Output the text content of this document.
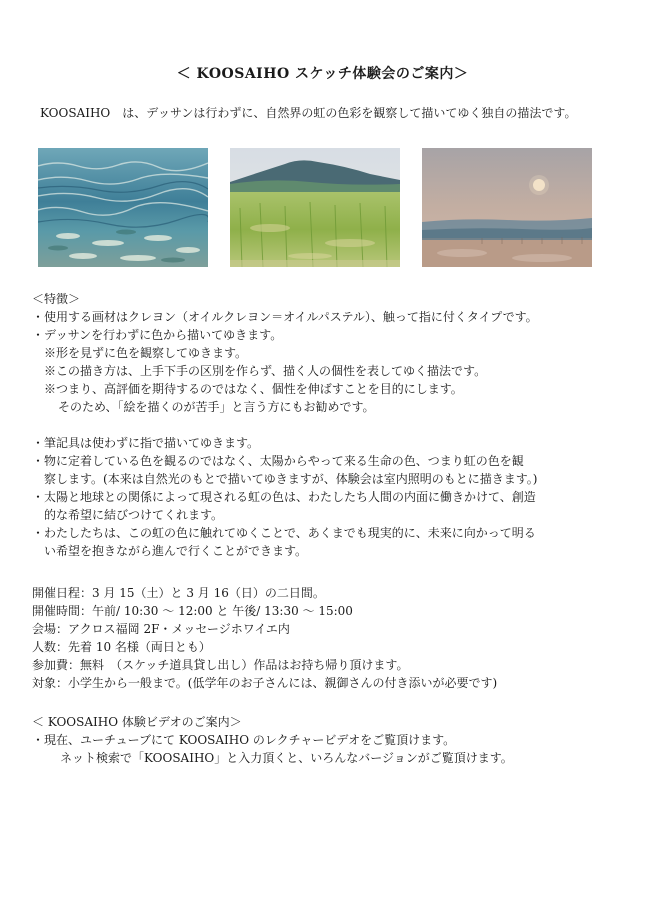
＜ KOOSAIHO スケッチ体験会のご案内＞
KOOSAIHO　は、デッサンは行わずに、自然界の虹の色彩を観察して描いてゆく独自の描法です。
＜特徴＞
・使用する画材はクレヨン（オイルクレヨン＝オイルパステル）、触って指に付くタイプです。
・デッサンを行わずに色から描いてゆきます。
※形を見ずに色を観察してゆきます。
※この描き方は、上手下手の区別を作らず、描く人の個性を表してゆく描法です。
※つまり、高評価を期待するのではなく、個性を伸ばすことを目的にします。
そのため、「絵を描くのが苦手」と言う方にもお勧めです。
・筆記具は使わずに指で描いてゆきます。
・物に定着している色を観るのではなく、太陽からやって来る生命の色、つまり虹の色を観
察します。(本来は自然光のもとで描いてゆきますが、体験会は室内照明のもとに描きます。)
・太陽と地球との関係によって現される虹の色は、わたしたち人間の内面に働きかけて、創造
的な希望に結びつけてくれます。
・わたしたちは、この虹の色に触れてゆくことで、あくまでも現実的に、未来に向かって明る
い希望を抱きながら進んで行くことができます。
開催日程：3 月 15（土）と 3 月 16（日）の二日間。
開催時間：午前/ 10:30 〜 12:00 と 午後/ 13:30 〜 15:00
会場：アクロス福岡 2F・メッセージホワイエ内
人数：先着 10 名様（両日とも）
参加費：無料　（スケッチ道具貸し出し）作品はお持ち帰り頂けます。
対象：小学生から一般まで。(低学年のお子さんには、親御さんの付き添いが必要です)
＜ KOOSAIHO 体験ビデオのご案内＞
・現在、ユーチューブにて KOOSAIHO のレクチャービデオをご覧頂けます。
ネット検索で「KOOSAIHO」と入力頂くと、いろんなバージョンがご覧頂けます。
